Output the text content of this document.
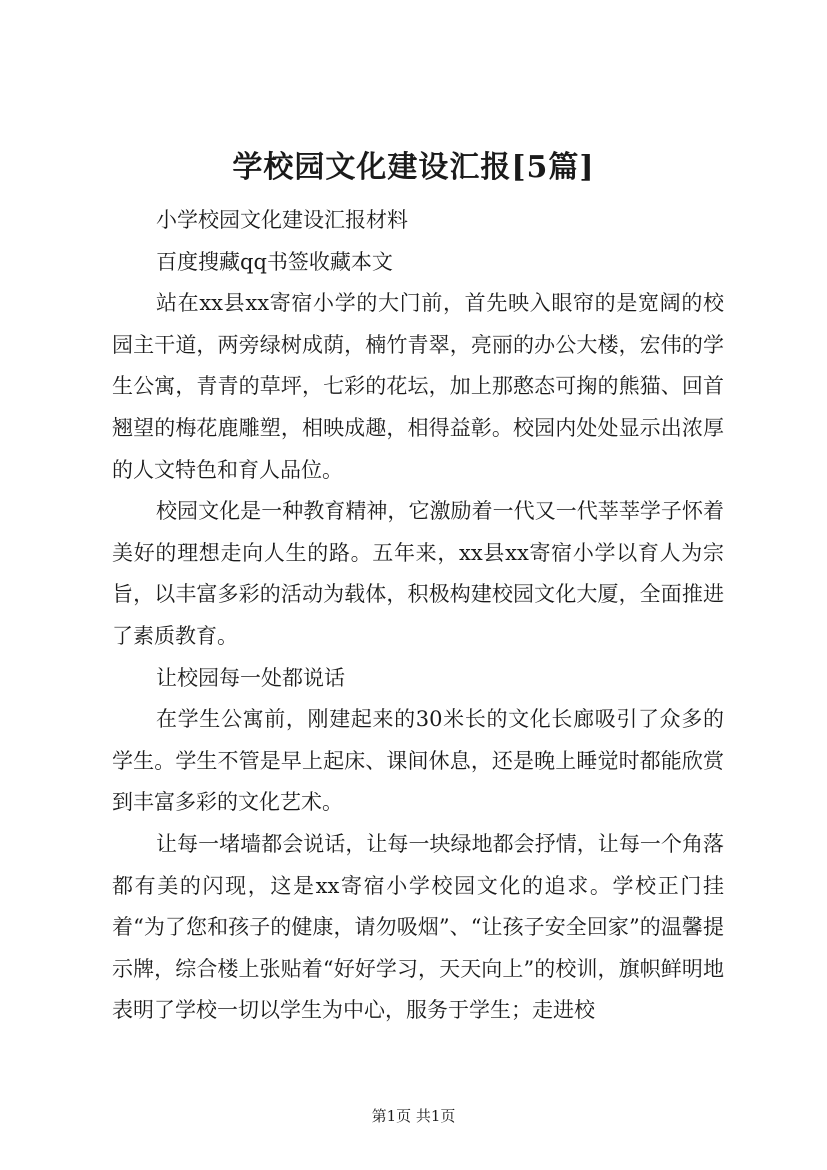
学校园文化建设汇报[5篇]

小学校园文化建设汇报材料

百度搜藏qq书签收藏本文

站在xx县xx寄宿小学的大门前，首先映入眼帘的是宽阔的校园主干道，两旁绿树成荫，楠竹青翠，亮丽的办公大楼，宏伟的学生公寓，青青的草坪，七彩的花坛，加上那憨态可掬的熊猫、回首翘望的梅花鹿雕塑，相映成趣，相得益彰。校园内处处显示出浓厚的人文特色和育人品位。

校园文化是一种教育精神，它激励着一代又一代莘莘学子怀着美好的理想走向人生的路。五年来，xx县xx寄宿小学以育人为宗旨，以丰富多彩的活动为载体，积极构建校园文化大厦，全面推进了素质教育。

让校园每一处都说话

在学生公寓前，刚建起来的30米长的文化长廊吸引了众多的学生。学生不管是早上起床、课间休息，还是晚上睡觉时都能欣赏到丰富多彩的文化艺术。

让每一堵墙都会说话，让每一块绿地都会抒情，让每一个角落都有美的闪现，这是xx寄宿小学校园文化的追求。学校正门挂着“为了您和孩子的健康，请勿吸烟”、“让孩子安全回家”的温馨提示牌，综合楼上张贴着“好好学习，天天向上”的校训，旗帜鲜明地表明了学校一切以学生为中心，服务于学生；走进校

第1页 共1页
